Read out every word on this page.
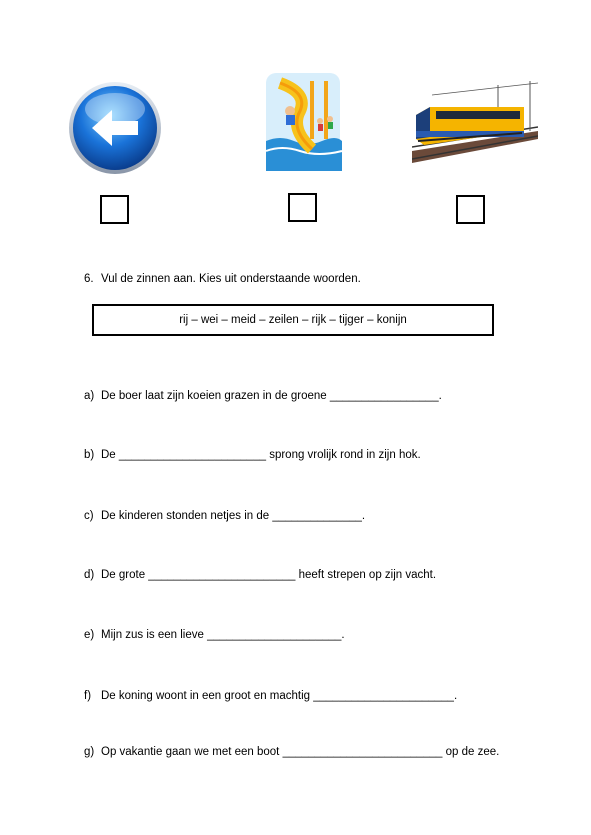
6. Vul de zinnen aan. Kies uit onderstaande woorden.
rij – wei – meid – zeilen – rijk – tijger – konijn
a) De boer laat zijn koeien grazen in de groene _________________.
b) De _______________________ sprong vrolijk rond in zijn hok.
c) De kinderen stonden netjes in de ______________.
d) De grote _______________________ heeft strepen op zijn vacht.
e) Mijn zus is een lieve _____________________.
f) De koning woont in een groot en machtig ______________________.
g) Op vakantie gaan we met een boot _________________________ op de zee.
